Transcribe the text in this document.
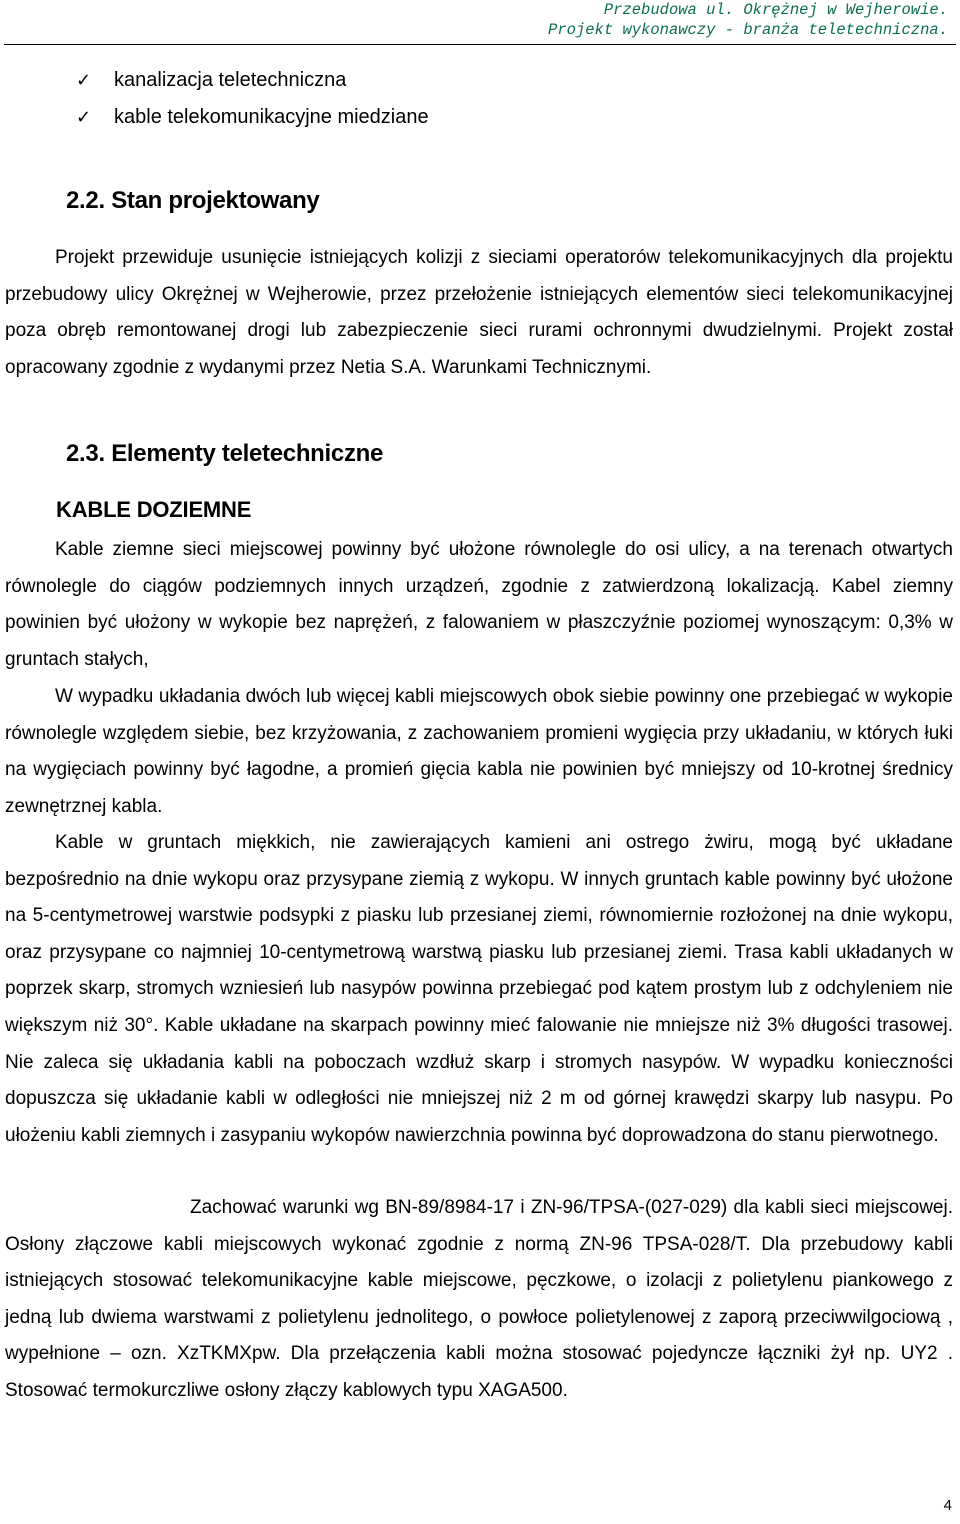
Przebudowa ul. Okrężnej w Wejherowie.
Projekt wykonawczy - branża teletechniczna.
✓	kanalizacja teletechniczna
✓	kable telekomunikacyjne miedziane
2.2. Stan projektowany

Projekt przewiduje usunięcie istniejących kolizji z sieciami operatorów telekomunikacyjnych dla projektu przebudowy ulicy Okrężnej w Wejherowie, przez przełożenie istniejących elementów sieci telekomunikacyjnej poza obręb remontowanej drogi lub zabezpieczenie sieci rurami ochronnymi dwudzielnymi. Projekt został opracowany zgodnie z wydanymi przez Netia S.A. Warunkami Technicznymi.

2.3. Elementy teletechniczne
KABLE DOZIEMNE

Kable ziemne sieci miejscowej powinny być ułożone równolegle do osi ulicy, a na terenach otwartych równolegle do ciągów podziemnych innych urządzeń, zgodnie z zatwierdzoną lokalizacją. Kabel ziemny powinien być ułożony w wykopie bez naprężeń, z falowaniem w płaszczyźnie poziomej wynoszącym: 0,3% w gruntach stałych,

W wypadku układania dwóch lub więcej kabli miejscowych obok siebie powinny one przebiegać w wykopie równolegle względem siebie, bez krzyżowania, z zachowaniem promieni wygięcia przy układaniu, w których łuki na wygięciach powinny być łagodne, a promień gięcia kabla nie powinien być mniejszy od 10-krotnej średnicy zewnętrznej kabla.

Kable w gruntach miękkich, nie zawierających kamieni ani ostrego żwiru, mogą być układane bezpośrednio na dnie wykopu oraz przysypane ziemią z wykopu. W innych gruntach kable powinny być ułożone na 5-centymetrowej warstwie podsypki z piasku lub przesianej ziemi, równomiernie rozłożonej na dnie wykopu, oraz przysypane co najmniej 10-centymetrową warstwą piasku lub przesianej ziemi. Trasa kabli układanych w poprzek skarp, stromych wzniesień lub nasypów powinna przebiegać pod kątem prostym lub z odchyleniem nie większym niż 30°. Kable układane na skarpach powinny mieć falowanie nie mniejsze niż 3% długości trasowej. Nie zaleca się układania kabli na poboczach wzdłuż skarp i stromych nasypów. W wypadku konieczności dopuszcza się układanie kabli w odległości nie mniejszej niż 2 m od górnej krawędzi skarpy lub nasypu. Po ułożeniu kabli ziemnych i zasypaniu wykopów nawierzchnia powinna być doprowadzona do stanu pierwotnego.

Zachować warunki wg BN-89/8984-17 i ZN-96/TPSA-(027-029) dla kabli sieci miejscowej. Osłony złączowe kabli miejscowych wykonać zgodnie z normą ZN-96 TPSA-028/T. Dla przebudowy kabli istniejących stosować telekomunikacyjne kable miejscowe, pęczkowe, o izolacji z polietylenu piankowego z jedną lub dwiema warstwami z polietylenu jednolitego, o powłoce polietylenowej z zaporą przeciwwilgociową , wypełnione – ozn. XzTKMXpw. Dla przełączenia kabli można stosować pojedyncze łączniki żył np. UY2 . Stosować termokurczliwe osłony złączy kablowych typu XAGA500.

4
